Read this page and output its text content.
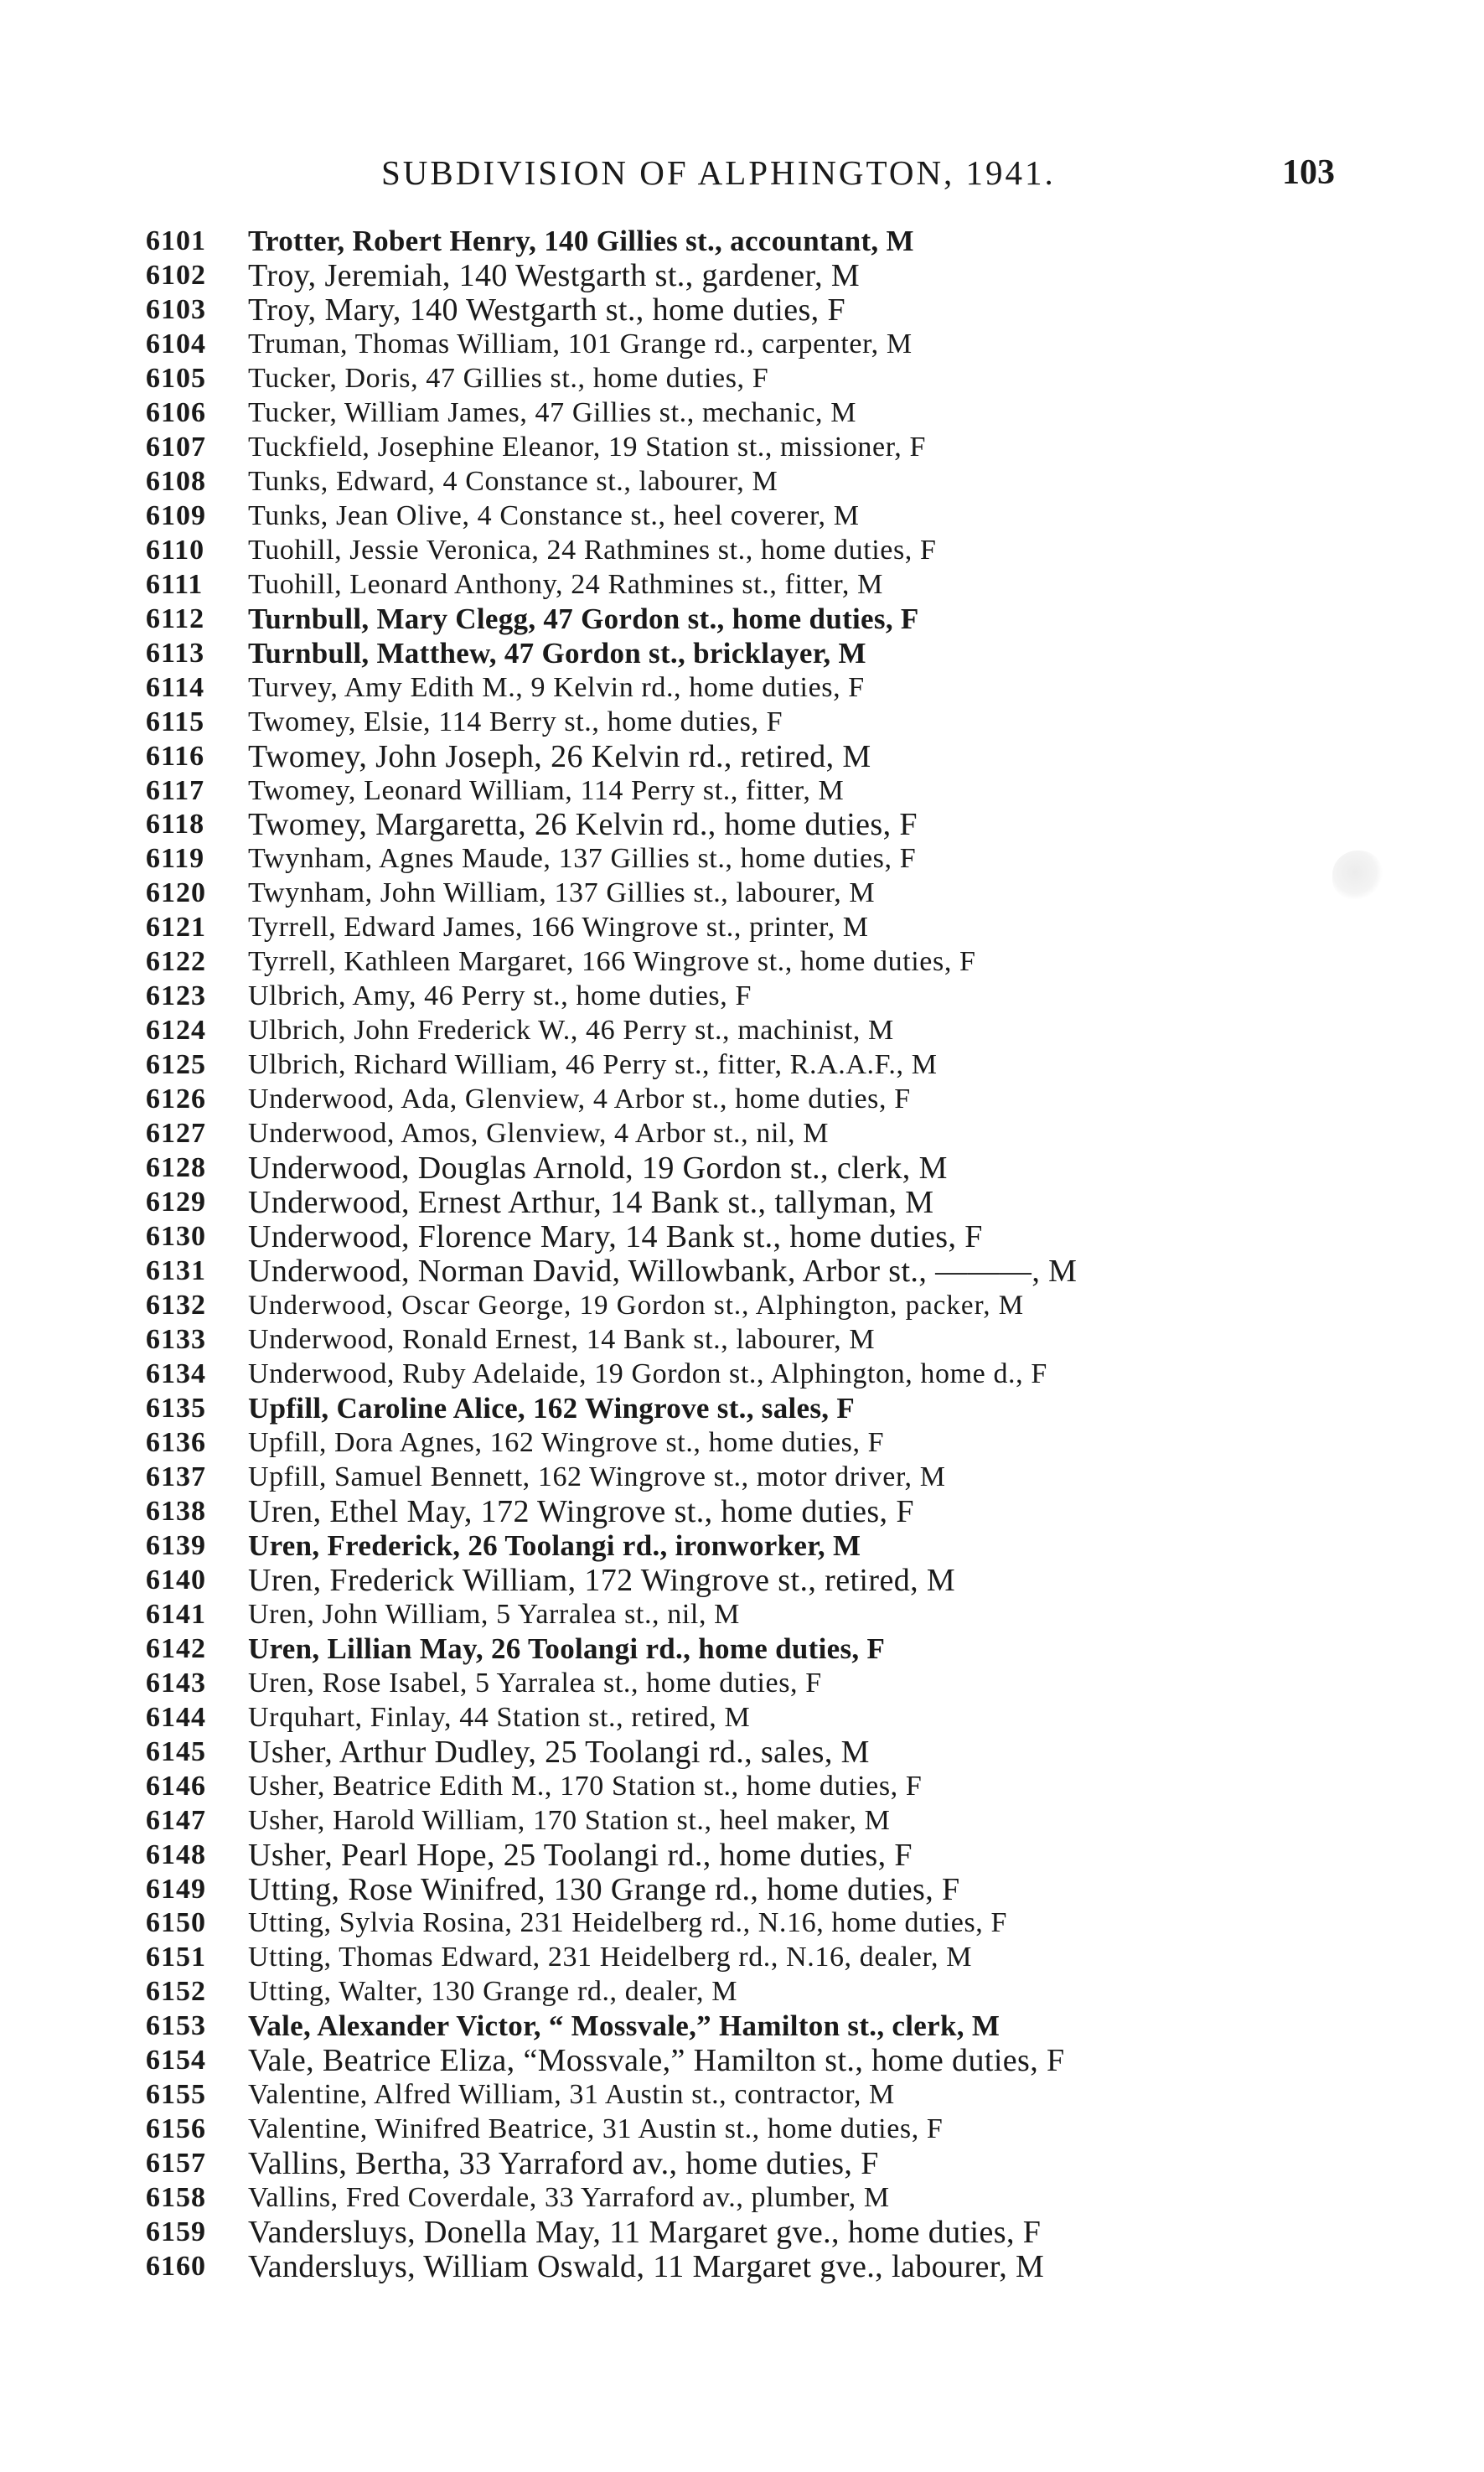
SUBDIVISION OF ALPHINGTON, 1941.	103
6101	Trotter, Robert Henry, 140 Gillies st., accountant, M
6102	Troy, Jeremiah, 140 Westgarth st., gardener, M
6103	Troy, Mary, 140 Westgarth st., home duties, F
6104	Truman, Thomas William, 101 Grange rd., carpenter, M
6105	Tucker, Doris, 47 Gillies st., home duties, F
6106	Tucker, William James, 47 Gillies st., mechanic, M
6107	Tuckfield, Josephine Eleanor, 19 Station st., missioner, F
6108	Tunks, Edward, 4 Constance st., labourer, M
6109	Tunks, Jean Olive, 4 Constance st., heel coverer, M
6110	Tuohill, Jessie Veronica, 24 Rathmines st., home duties, F
6111	Tuohill, Leonard Anthony, 24 Rathmines st., fitter, M
6112	Turnbull, Mary Clegg, 47 Gordon st., home duties, F
6113	Turnbull, Matthew, 47 Gordon st., bricklayer, M
6114	Turvey, Amy Edith M., 9 Kelvin rd., home duties, F
6115	Twomey, Elsie, 114 Berry st., home duties, F
6116	Twomey, John Joseph, 26 Kelvin rd., retired, M
6117	Twomey, Leonard William, 114 Perry st., fitter, M
6118	Twomey, Margaretta, 26 Kelvin rd., home duties, F
6119	Twynham, Agnes Maude, 137 Gillies st., home duties, F
6120	Twynham, John William, 137 Gillies st., labourer, M
6121	Tyrrell, Edward James, 166 Wingrove st., printer, M
6122	Tyrrell, Kathleen Margaret, 166 Wingrove st., home duties, F
6123	Ulbrich, Amy, 46 Perry st., home duties, F
6124	Ulbrich, John Frederick W., 46 Perry st., machinist, M
6125	Ulbrich, Richard William, 46 Perry st., fitter, R.A.A.F., M
6126	Underwood, Ada, Glenview, 4 Arbor st., home duties, F
6127	Underwood, Amos, Glenview, 4 Arbor st., nil, M
6128	Underwood, Douglas Arnold, 19 Gordon st., clerk, M
6129	Underwood, Ernest Arthur, 14 Bank st., tallyman, M
6130	Underwood, Florence Mary, 14 Bank st., home duties, F
6131	Underwood, Norman David, Willowbank, Arbor st., ———, M
6132	Underwood, Oscar George, 19 Gordon st., Alphington, packer, M
6133	Underwood, Ronald Ernest, 14 Bank st., labourer, M
6134	Underwood, Ruby Adelaide, 19 Gordon st., Alphington, home d., F
6135	Upfill, Caroline Alice, 162 Wingrove st., sales, F
6136	Upfill, Dora Agnes, 162 Wingrove st., home duties, F
6137	Upfill, Samuel Bennett, 162 Wingrove st., motor driver, M
6138	Uren, Ethel May, 172 Wingrove st., home duties, F
6139	Uren, Frederick, 26 Toolangi rd., ironworker, M
6140	Uren, Frederick William, 172 Wingrove st., retired, M
6141	Uren, John William, 5 Yarralea st., nil, M
6142	Uren, Lillian May, 26 Toolangi rd., home duties, F
6143	Uren, Rose Isabel, 5 Yarralea st., home duties, F
6144	Urquhart, Finlay, 44 Station st., retired, M
6145	Usher, Arthur Dudley, 25 Toolangi rd., sales, M
6146	Usher, Beatrice Edith M., 170 Station st., home duties, F
6147	Usher, Harold William, 170 Station st., heel maker, M
6148	Usher, Pearl Hope, 25 Toolangi rd., home duties, F
6149	Utting, Rose Winifred, 130 Grange rd., home duties, F
6150	Utting, Sylvia Rosina, 231 Heidelberg rd., N.16, home duties, F
6151	Utting, Thomas Edward, 231 Heidelberg rd., N.16, dealer, M
6152	Utting, Walter, 130 Grange rd., dealer, M
6153	Vale, Alexander Victor, “ Mossvale,” Hamilton st., clerk, M
6154	Vale, Beatrice Eliza, “Mossvale,” Hamilton st., home duties, F
6155	Valentine, Alfred William, 31 Austin st., contractor, M
6156	Valentine, Winifred Beatrice, 31 Austin st., home duties, F
6157	Vallins, Bertha, 33 Yarraford av., home duties, F
6158	Vallins, Fred Coverdale, 33 Yarraford av., plumber, M
6159	Vandersluys, Donella May, 11 Margaret gve., home duties, F
6160	Vandersluys, William Oswald, 11 Margaret gve., labourer, M
